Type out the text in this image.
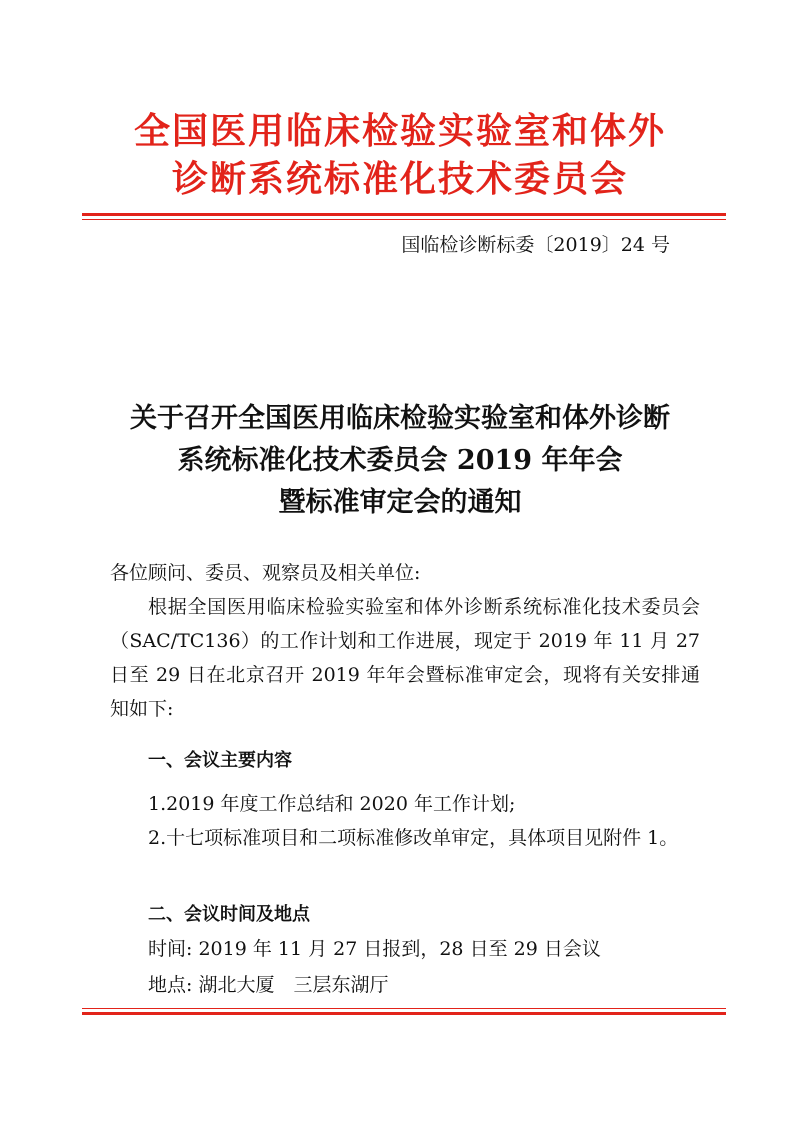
全国医用临床检验实验室和体外
诊断系统标准化技术委员会
国临检诊断标委〔2019〕24 号
关于召开全国医用临床检验实验室和体外诊断
系统标准化技术委员会 2019 年年会
暨标准审定会的通知
各位顾问、委员、观察员及相关单位:
根据全国医用临床检验实验室和体外诊断系统标准化技术委员会（SAC/TC136）的工作计划和工作进展，现定于 2019 年 11 月 27 日至 29 日在北京召开 2019 年年会暨标准审定会，现将有关安排通知如下:
一、会议主要内容
1.2019 年度工作总结和 2020 年工作计划;
2.十七项标准项目和二项标准修改单审定，具体项目见附件 1。
二、会议时间及地点
时间: 2019 年 11 月 27 日报到，28 日至 29 日会议
地点: 湖北大厦　三层东湖厅
